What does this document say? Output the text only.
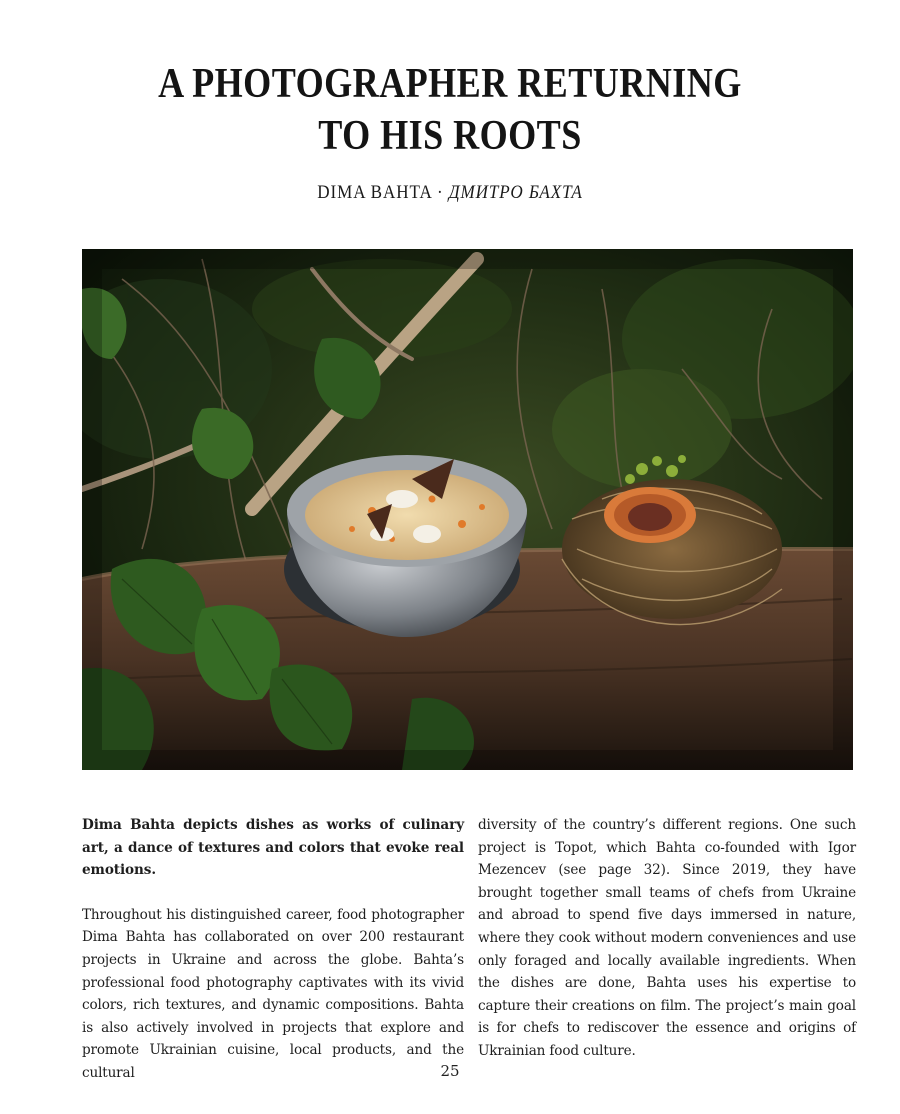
A PHOTOGRAPHER RETURNING
TO HIS ROOTS
DIMA BAHTA · ДМИТРО БАХТА

Dima Bahta depicts dishes as works of culinary art, a dance of textures and colors that evoke real emotions.

Throughout his distinguished career, food photographer Dima Bahta has collaborated on over 200 restaurant projects in Ukraine and across the globe. Bahta’s professional food photography captivates with its vivid colors, rich textures, and dynamic compositions. Bahta is also actively involved in projects that explore and promote Ukrainian cuisine, local products, and the cultural

diversity of the country’s different regions. One such project is Topot, which Bahta co-founded with Igor Mezencev (see page 32). Since 2019, they have brought together small teams of chefs from Ukraine and abroad to spend five days immersed in nature, where they cook without modern conveniences and use only foraged and locally available ingredients. When the dishes are done, Bahta uses his expertise to capture their creations on film. The project’s main goal is for chefs to rediscover the essence and origins of Ukrainian food culture.

25
